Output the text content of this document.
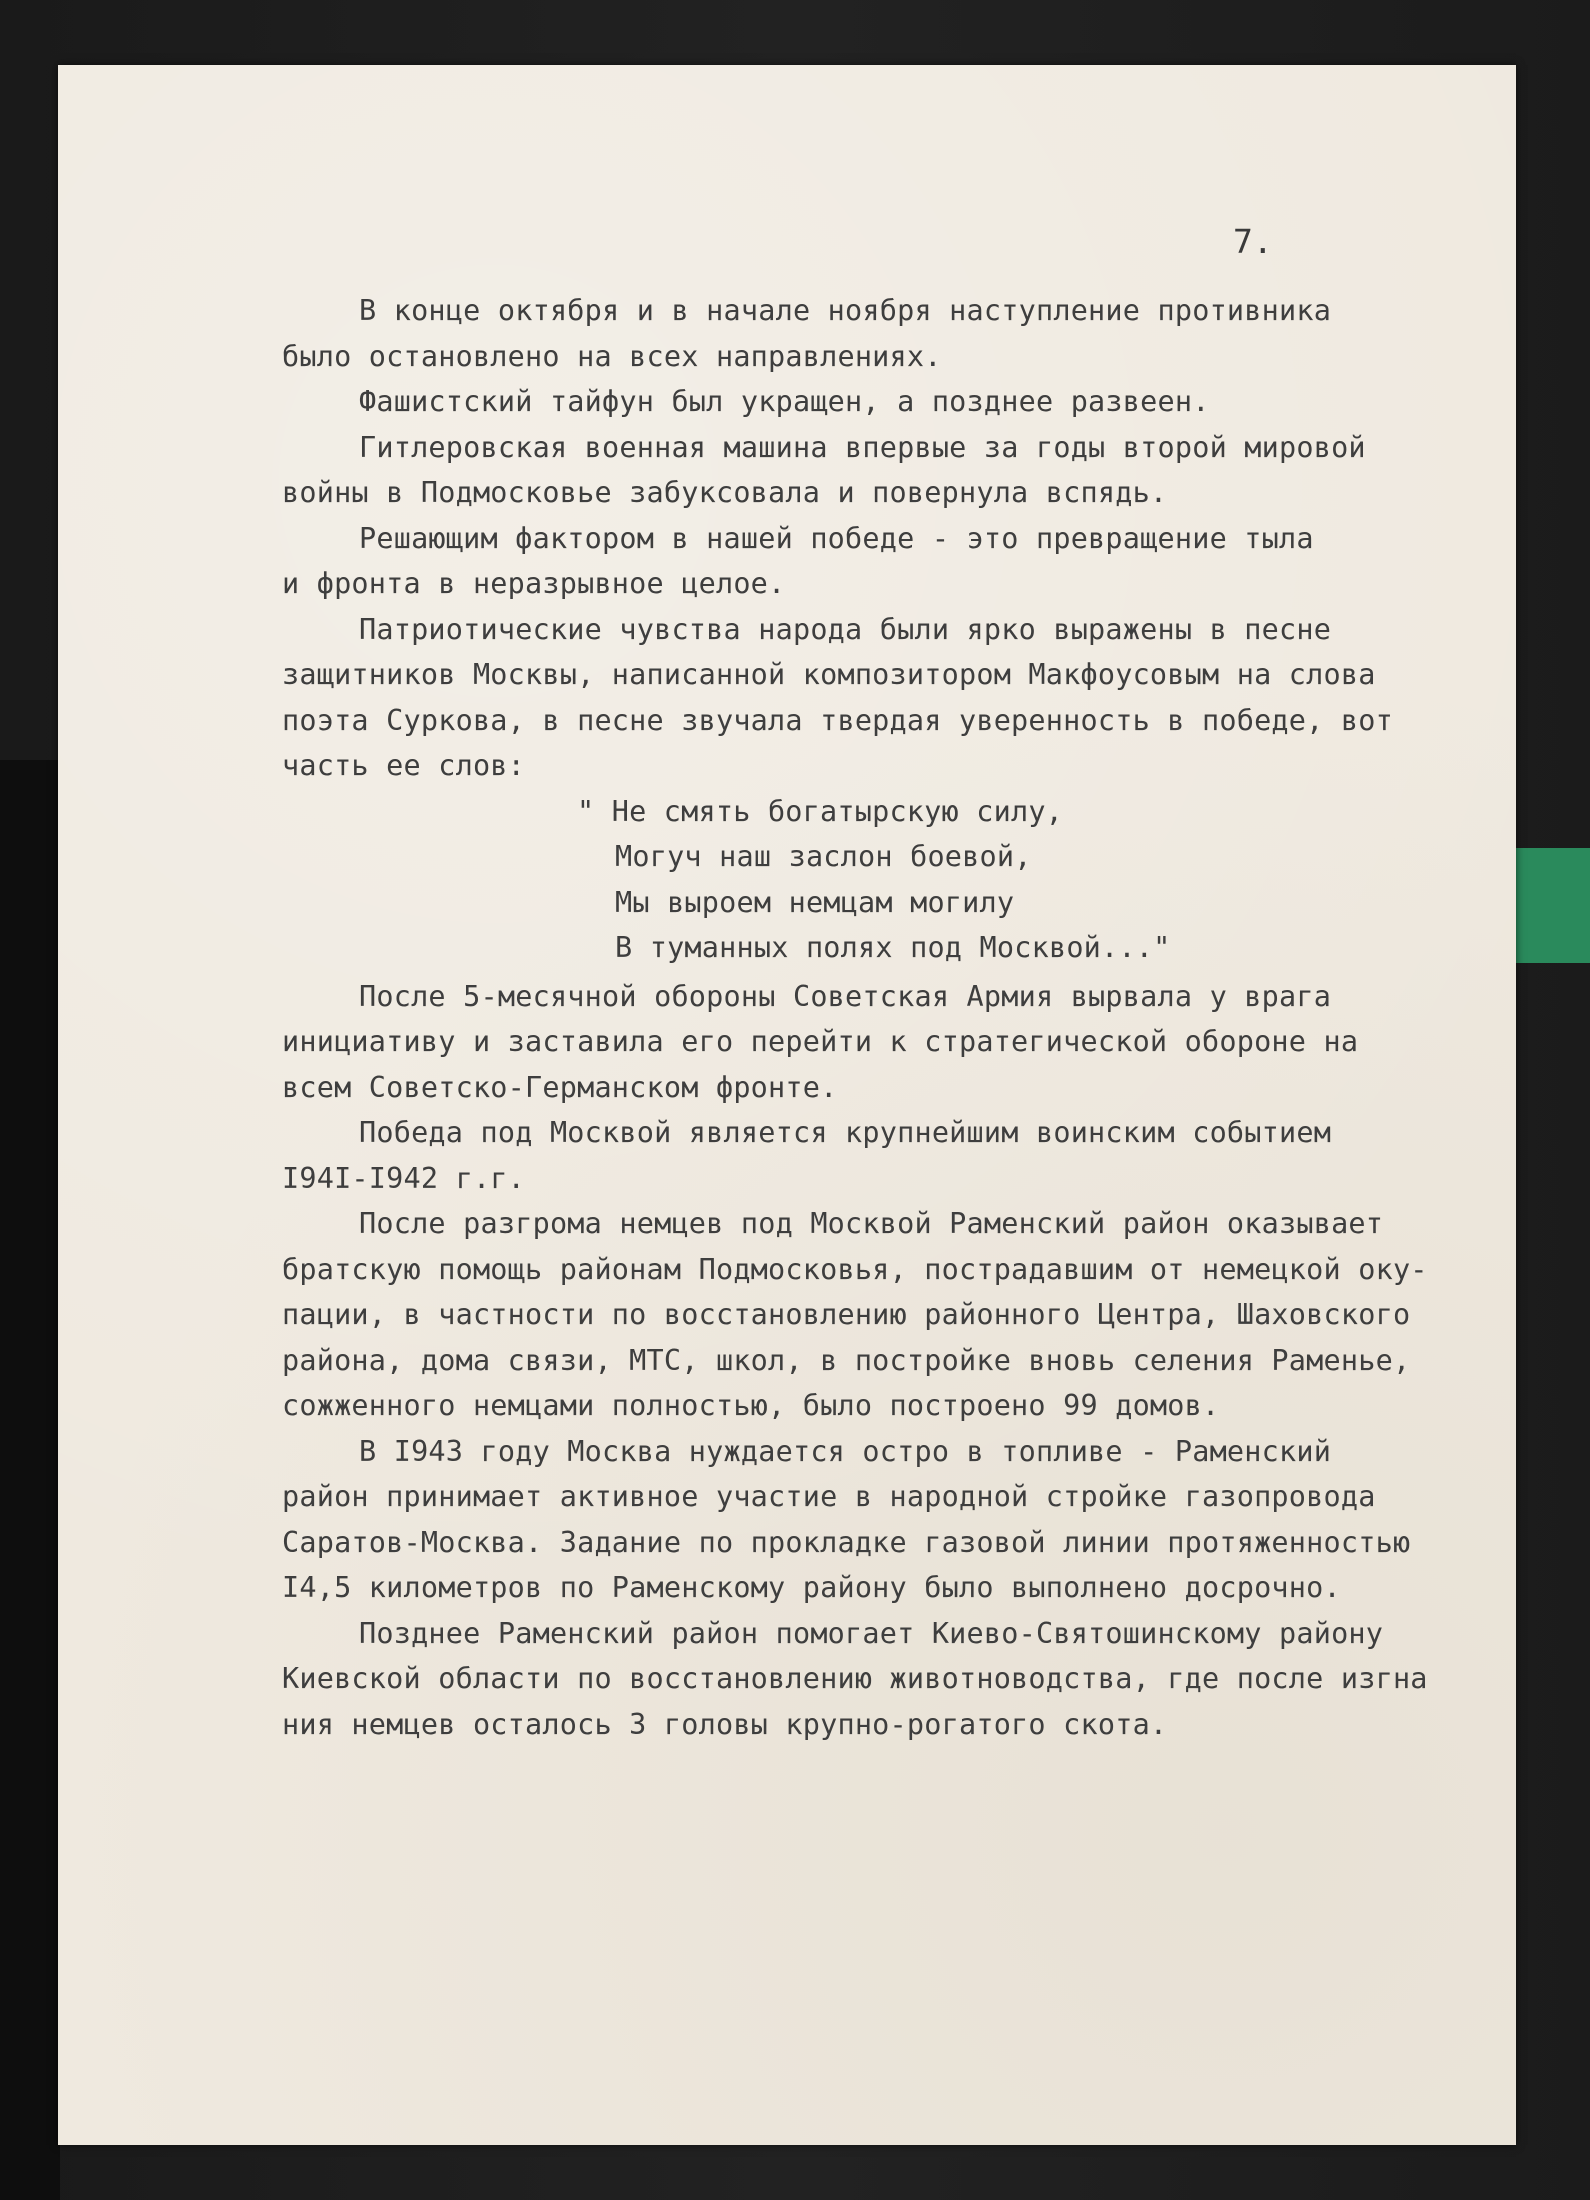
7.

В конце октября и в начале ноября наступление противника

было остановлено на всех направлениях.

Фашистский тайфун был укращен, а позднее развеен.

Гитлеровская военная машина впервые за годы второй мировой

войны в Подмосковье забуксовала и повернула вспядь.

Решающим фактором в нашей победе - это превращение тыла

и фронта в неразрывное целое.

Патриотические чувства народа были ярко выражены в песне

защитников Москвы, написанной композитором Макфоусовым на слова

поэта Суркова, в песне звучала твердая уверенность в победе, вот

часть ее слов:

" Не смять богатырскую силу,

Могуч наш заслон боевой,

Мы выроем немцам могилу

В туманных полях под Москвой..."

После 5-месячной обороны Советская Армия вырвала у врага

инициативу и заставила его перейти к стратегической обороне на

всем Советско-Германском фронте.

Победа под Москвой является крупнейшим воинским событием

I94I-I942 г.г.

После разгрома немцев под Москвой Раменский район оказывает

братскую помощь районам Подмосковья, пострадавшим от немецкой оку-

пации, в частности по восстановлению районного Центра, Шаховского

района, дома связи, МТС, школ, в постройке вновь селения Раменье,

сожженного немцами полностью, было построено 99 домов.

В I943 году Москва нуждается остро в топливе - Раменский

район принимает активное участие в народной стройке газопровода

Саратов-Москва. Задание по прокладке газовой линии протяженностью

I4,5 километров по Раменскому району было выполнено досрочно.

Позднее Раменский район помогает Киево-Святошинскому району

Киевской области по восстановлению животноводства, где после изгна

ния немцев осталось 3 головы крупно-рогатого скота.
